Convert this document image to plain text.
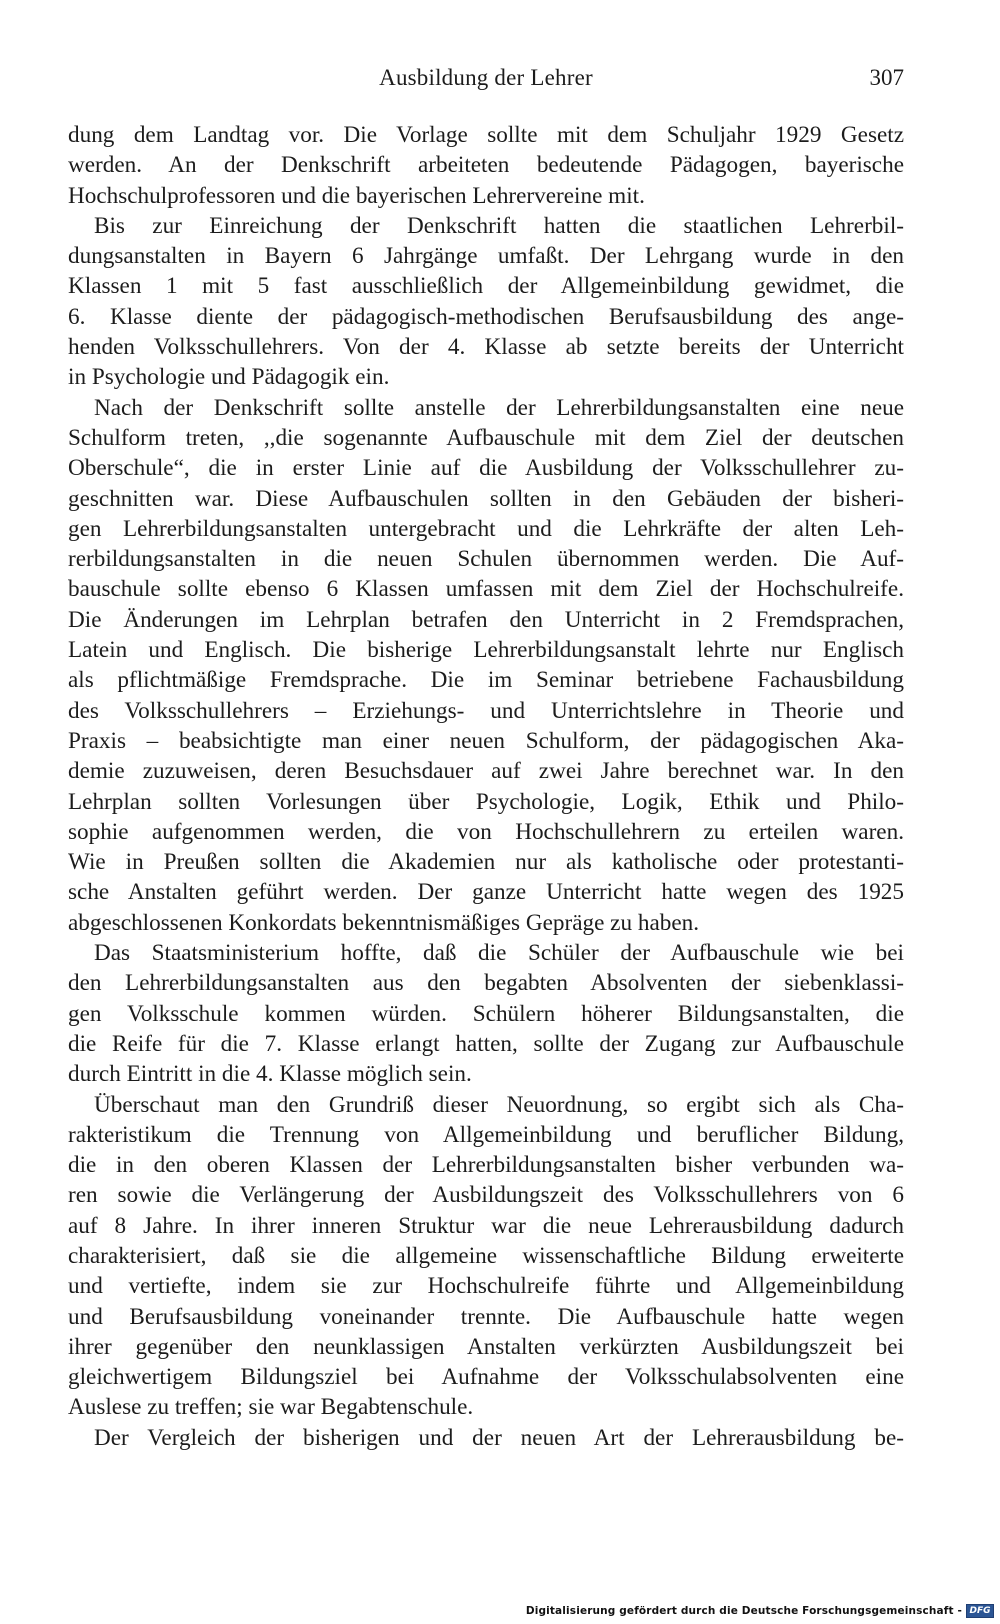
Ausbildung der Lehrer	307
dung dem Landtag vor. Die Vorlage sollte mit dem Schuljahr 1929 Gesetz
werden. An der Denkschrift arbeiteten bedeutende Pädagogen, bayerische
Hochschulprofessoren und die bayerischen Lehrervereine mit.
Bis zur Einreichung der Denkschrift hatten die staatlichen Lehrerbil-
dungsanstalten in Bayern 6 Jahrgänge umfaßt. Der Lehrgang wurde in den
Klassen 1 mit 5 fast ausschließlich der Allgemeinbildung gewidmet, die
6. Klasse diente der pädagogisch-methodischen Berufsausbildung des ange-
henden Volksschullehrers. Von der 4. Klasse ab setzte bereits der Unterricht
in Psychologie und Pädagogik ein.
Nach der Denkschrift sollte anstelle der Lehrerbildungsanstalten eine neue
Schulform treten, ,,die sogenannte Aufbauschule mit dem Ziel der deutschen
Oberschule“, die in erster Linie auf die Ausbildung der Volksschullehrer zu-
geschnitten war. Diese Aufbauschulen sollten in den Gebäuden der bisheri-
gen Lehrerbildungsanstalten untergebracht und die Lehrkräfte der alten Leh-
rerbildungsanstalten in die neuen Schulen übernommen werden. Die Auf-
bauschule sollte ebenso 6 Klassen umfassen mit dem Ziel der Hochschulreife.
Die Änderungen im Lehrplan betrafen den Unterricht in 2 Fremdsprachen,
Latein und Englisch. Die bisherige Lehrerbildungsanstalt lehrte nur Englisch
als pflichtmäßige Fremdsprache. Die im Seminar betriebene Fachausbildung
des Volksschullehrers – Erziehungs- und Unterrichtslehre in Theorie und
Praxis – beabsichtigte man einer neuen Schulform, der pädagogischen Aka-
demie zuzuweisen, deren Besuchsdauer auf zwei Jahre berechnet war. In den
Lehrplan sollten Vorlesungen über Psychologie, Logik, Ethik und Philo-
sophie aufgenommen werden, die von Hochschullehrern zu erteilen waren.
Wie in Preußen sollten die Akademien nur als katholische oder protestanti-
sche Anstalten geführt werden. Der ganze Unterricht hatte wegen des 1925
abgeschlossenen Konkordats bekenntnismäßiges Gepräge zu haben.
Das Staatsministerium hoffte, daß die Schüler der Aufbauschule wie bei
den Lehrerbildungsanstalten aus den begabten Absolventen der siebenklassi-
gen Volksschule kommen würden. Schülern höherer Bildungsanstalten, die
die Reife für die 7. Klasse erlangt hatten, sollte der Zugang zur Aufbauschule
durch Eintritt in die 4. Klasse möglich sein.
Überschaut man den Grundriß dieser Neuordnung, so ergibt sich als Cha-
rakteristikum die Trennung von Allgemeinbildung und beruflicher Bildung,
die in den oberen Klassen der Lehrerbildungsanstalten bisher verbunden wa-
ren sowie die Verlängerung der Ausbildungszeit des Volksschullehrers von 6
auf 8 Jahre. In ihrer inneren Struktur war die neue Lehrerausbildung dadurch
charakterisiert, daß sie die allgemeine wissenschaftliche Bildung erweiterte
und vertiefte, indem sie zur Hochschulreife führte und Allgemeinbildung
und Berufsausbildung voneinander trennte. Die Aufbauschule hatte wegen
ihrer gegenüber den neunklassigen Anstalten verkürzten Ausbildungszeit bei
gleichwertigem Bildungsziel bei Aufnahme der Volksschulabsolventen eine
Auslese zu treffen; sie war Begabtenschule.
Der Vergleich der bisherigen und der neuen Art der Lehrerausbildung be-
Digitalisierung gefördert durch die Deutsche Forschungsgemeinschaft - DFG
